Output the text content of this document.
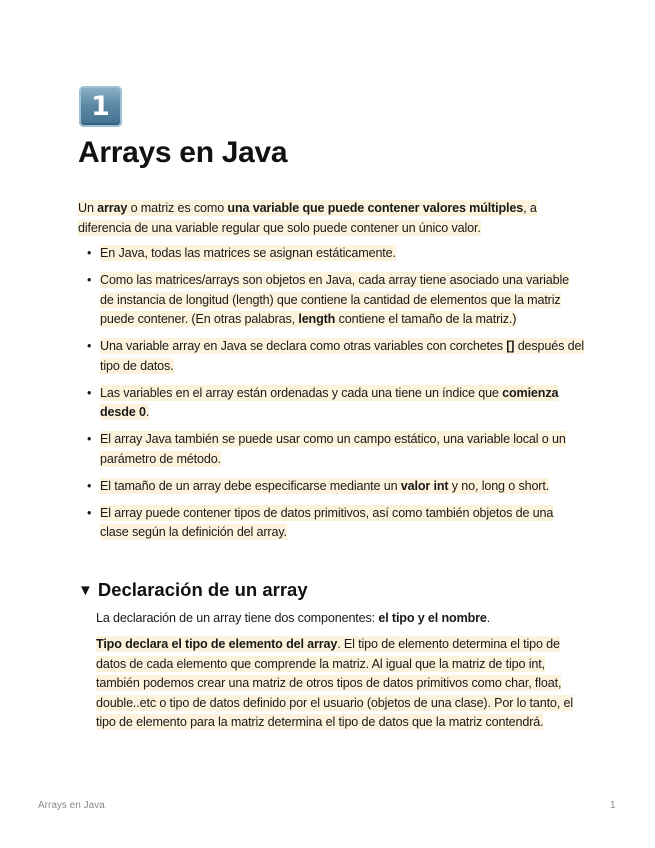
1
Arrays en Java

Un array o matriz es como una variable que puede contener valores múltiples, a diferencia de una variable regular que solo puede contener un único valor.

• En Java, todas las matrices se asignan estáticamente.
• Como las matrices/arrays son objetos en Java, cada array tiene asociado una variable de instancia de longitud (length) que contiene la cantidad de elementos que la matriz puede contener. (En otras palabras, length contiene el tamaño de la matriz.)
• Una variable array en Java se declara como otras variables con corchetes [] después del tipo de datos.
• Las variables en el array están ordenadas y cada una tiene un índice que comienza desde 0.
• El array Java también se puede usar como un campo estático, una variable local o un parámetro de método.
• El tamaño de un array debe especificarse mediante un valor int y no, long o short.
• El array puede contener tipos de datos primitivos, así como también objetos de una clase según la definición del array.
▼ Declaración de un array

La declaración de un array tiene dos componentes: el tipo y el nombre.

Tipo declara el tipo de elemento del array. El tipo de elemento determina el tipo de datos de cada elemento que comprende la matriz. Al igual que la matriz de tipo int, también podemos crear una matriz de otros tipos de datos primitivos como char, float, double..etc o tipo de datos definido por el usuario (objetos de una clase). Por lo tanto, el tipo de elemento para la matriz determina el tipo de datos que la matriz contendrá.

Arrays en Java	1
